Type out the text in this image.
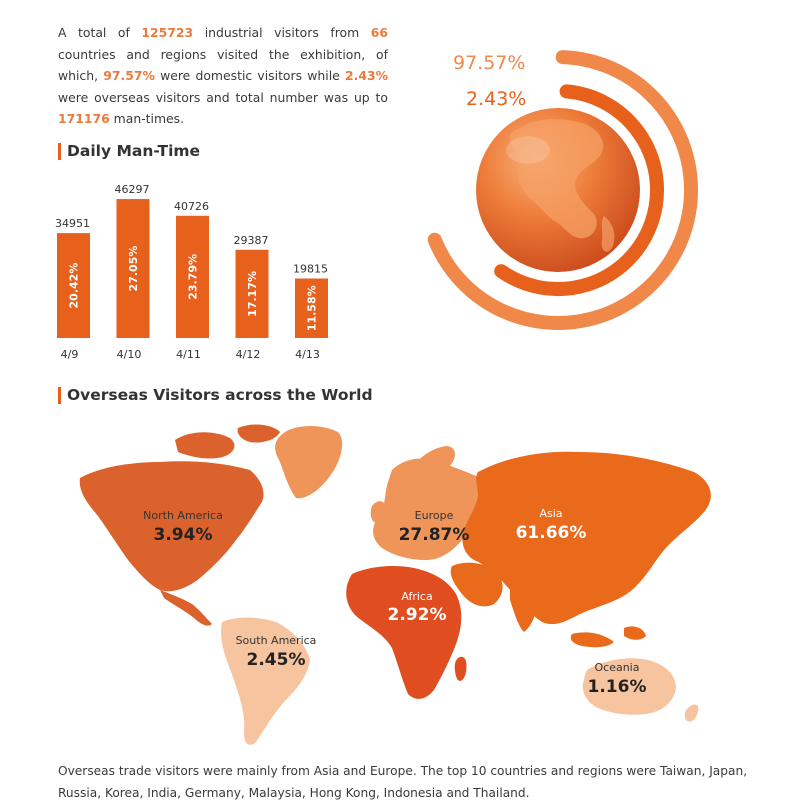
A total of 125723 industrial visitors from 66 countries and regions visited the exhibition, of which, 97.57% were domestic visitors while 2.43% were overseas visitors and total number was up to 171176 man-times.
Daily Man-Time
Overseas Visitors across the World
97.57%
2.43%
34951
20.42%
4/9
46297
27.05%
4/10
40726
23.79%
4/11
29387
17.17%
4/12
19815
11.58%
4/13
North America
3.94%
Europe
27.87%
Asia
61.66%
Africa
2.92%
South America
2.45%	Oceania
1.16%
Overseas trade visitors were mainly from Asia and Europe. The top 10 countries and regions were Taiwan, Japan, Russia, Korea, India, Germany, Malaysia, Hong Kong, Indonesia and Thailand.
